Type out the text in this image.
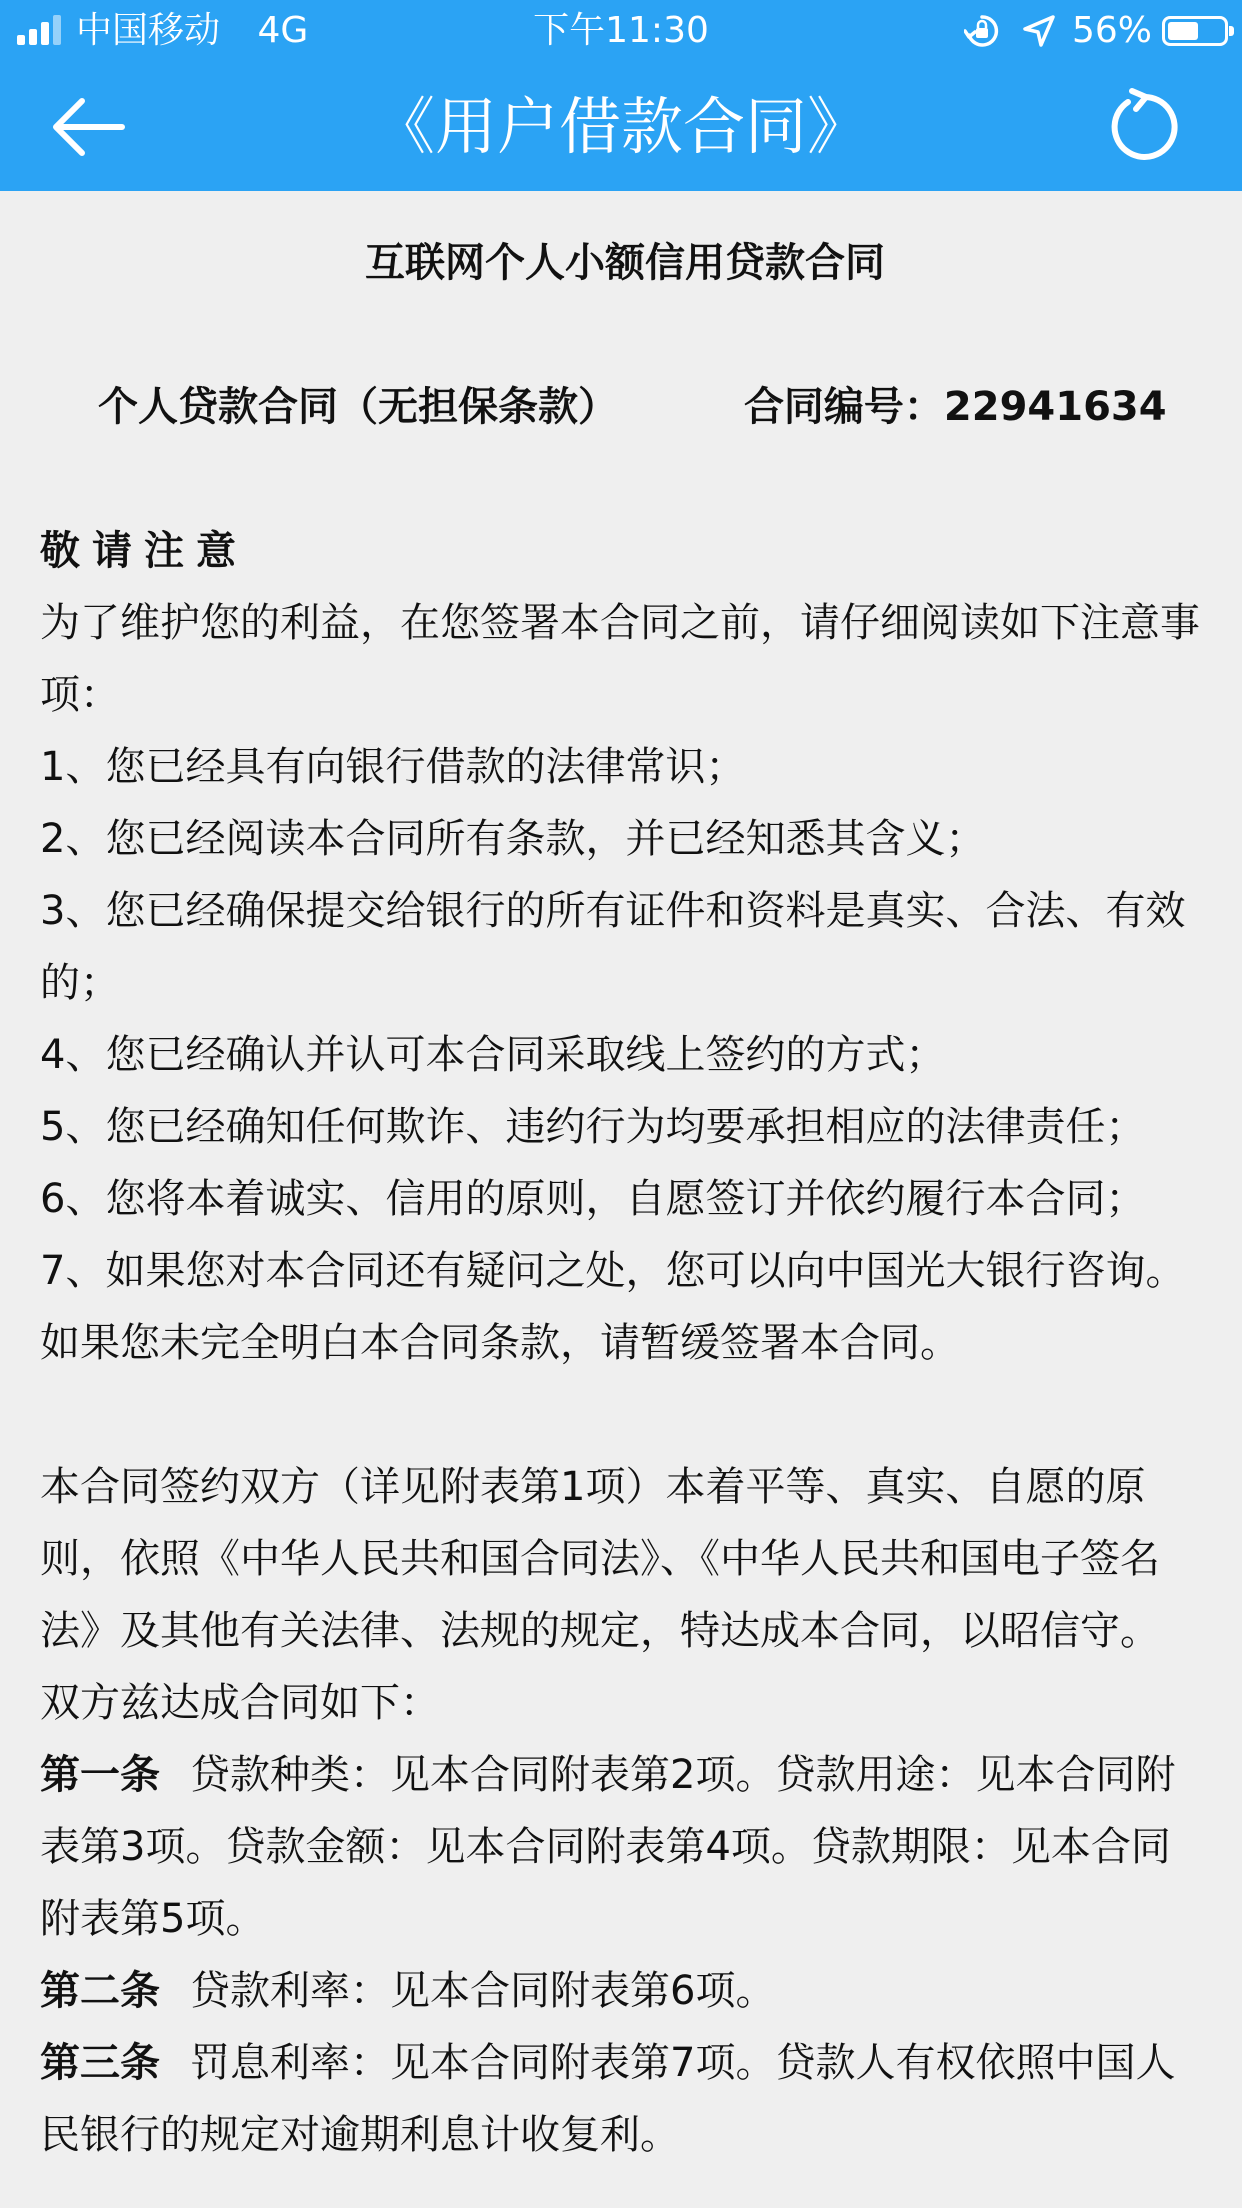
中国移动 4G	下午11:30	56%
《用户借款合同》
互联网个人小额信用贷款合同
个人贷款合同（无担保条款）	合同编号：22941634
敬请注意

为了维护您的利益，在您签署本合同之前，请仔细阅读如下注意事项：

1、您已经具有向银行借款的法律常识；

2、您已经阅读本合同所有条款，并已经知悉其含义；

3、您已经确保提交给银行的所有证件和资料是真实、合法、有效的；

4、您已经确认并认可本合同采取线上签约的方式；

5、您已经确知任何欺诈、违约行为均要承担相应的法律责任；

6、您将本着诚实、信用的原则，自愿签订并依约履行本合同；

7、如果您对本合同还有疑问之处，您可以向中国光大银行咨询。如果您未完全明白本合同条款，请暂缓签署本合同。

本合同签约双方（详见附表第1项）本着平等、真实、自愿的原则，依照《中华人民共和国合同法》、《中华人民共和国电子签名法》及其他有关法律、法规的规定，特达成本合同，以昭信守。

双方兹达成合同如下：

第一条 贷款种类：见本合同附表第2项。贷款用途：见本合同附表第3项。贷款金额：见本合同附表第4项。贷款期限：见本合同附表第5项。

第二条 贷款利率：见本合同附表第6项。

第三条 罚息利率：见本合同附表第7项。贷款人有权依照中国人民银行的规定对逾期利息计收复利。
